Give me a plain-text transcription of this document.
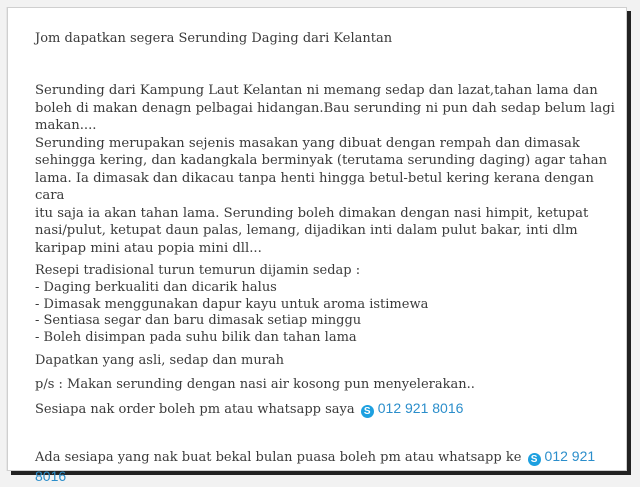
Jom dapatkan segera Serunding Daging dari Kelantan
Serunding dari Kampung Laut Kelantan ni memang sedap dan lazat,tahan lama dan
boleh di makan denagn pelbagai hidangan.Bau serunding ni pun dah sedap belum lagi
makan....
Serunding merupakan sejenis masakan yang dibuat dengan rempah dan dimasak
sehingga kering, dan kadangkala berminyak (terutama serunding daging) agar tahan
lama. Ia dimasak dan dikacau tanpa henti hingga betul-betul kering kerana dengan cara
itu saja ia akan tahan lama. Serunding boleh dimakan dengan nasi himpit, ketupat
nasi/pulut, ketupat daun palas, lemang, dijadikan inti dalam pulut bakar, inti dlm
karipap mini atau popia mini dll...
Resepi tradisional turun temurun dijamin sedap :
- Daging berkualiti dan dicarik halus
- Dimasak menggunakan dapur kayu untuk aroma istimewa
- Sentiasa segar dan baru dimasak setiap minggu
- Boleh disimpan pada suhu bilik dan tahan lama
Dapatkan yang asli, sedap dan murah
p/s : Makan serunding dengan nasi air kosong pun menyelerakan..
Sesiapa nak order boleh pm atau whatsapp saya S 012 921 8016
Ada sesiapa yang nak buat bekal bulan puasa boleh pm atau whatsapp ke S 012 921
8016
